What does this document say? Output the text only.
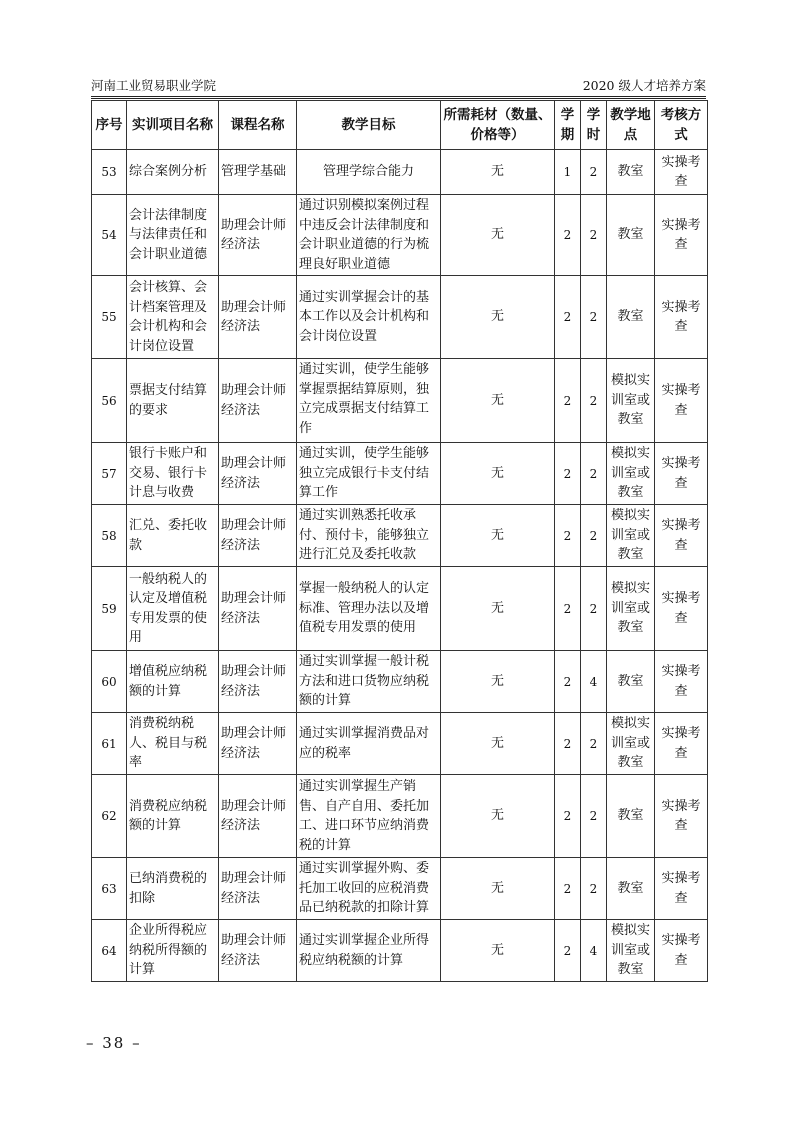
河南工业贸易职业学院	2020 级人才培养方案
序号	实训项目名称	课程名称	教学目标	所需耗材（数量、价格等）	学期	学时	教学地点	考核方式
53	综合案例分析	管理学基础	管理学综合能力	无	1	2	教室	实操考查
54	会计法律制度与法律责任和会计职业道德	助理会计师经济法	通过识别模拟案例过程中违反会计法律制度和会计职业道德的行为梳理良好职业道德	无	2	2	教室	实操考查
55	会计核算、会计档案管理及会计机构和会计岗位设置	助理会计师经济法	通过实训掌握会计的基本工作以及会计机构和会计岗位设置	无	2	2	教室	实操考查
56	票据支付结算的要求	助理会计师经济法	通过实训，使学生能够掌握票据结算原则，独立完成票据支付结算工作	无	2	2	模拟实训室或教室	实操考查
57	银行卡账户和交易、银行卡计息与收费	助理会计师经济法	通过实训，使学生能够独立完成银行卡支付结算工作	无	2	2	模拟实训室或教室	实操考查
58	汇兑、委托收款	助理会计师经济法	通过实训熟悉托收承付、预付卡，能够独立进行汇兑及委托收款	无	2	2	模拟实训室或教室	实操考查
59	一般纳税人的认定及增值税专用发票的使用	助理会计师经济法	掌握一般纳税人的认定标准、管理办法以及增值税专用发票的使用	无	2	2	模拟实训室或教室	实操考查
60	增值税应纳税额的计算	助理会计师经济法	通过实训掌握一般计税方法和进口货物应纳税额的计算	无	2	4	教室	实操考查
61	消费税纳税人、税目与税率	助理会计师经济法	通过实训掌握消费品对应的税率	无	2	2	模拟实训室或教室	实操考查
62	消费税应纳税额的计算	助理会计师经济法	通过实训掌握生产销售、自产自用、委托加工、进口环节应纳消费税的计算	无	2	2	教室	实操考查
63	已纳消费税的扣除	助理会计师经济法	通过实训掌握外购、委托加工收回的应税消费品已纳税款的扣除计算	无	2	2	教室	实操考查
64	企业所得税应纳税所得额的计算	助理会计师经济法	通过实训掌握企业所得税应纳税额的计算	无	2	4	模拟实训室或教室	实操考查
– 38 –
